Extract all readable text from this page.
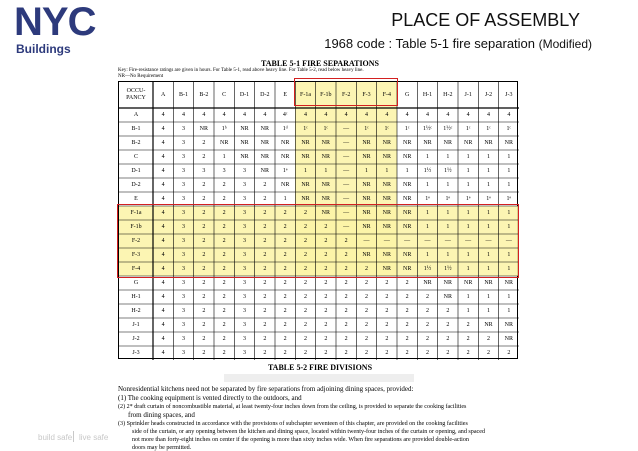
NYC
Buildings
PLACE OF ASSEMBLY
1968 code : Table 5-1 fire separation (Modified)
TABLE 5-1 FIRE SEPARATIONS
Key: Fire-resistance ratings are given in hours. For Table 5-1, read above heavy line. For Table 5-2, read below heavy line.
NR—No Requirement
OCCU- PANCY	A	B-1	B-2	C	D-1	D-2	E	F-1a	F-1b	F-2	F-3	F-4	G	H-1	H-2	J-1	J-2	J-3
A	4	4	4	4	4	4	4ᶜ	4	4	4	4	4	4	4	4	4	4	4
B-1	4	3	NR	1ᵇ	NR	NR	1ᵈ	1ᶜ	1ᶜ	—	1ᶜ	1ᶜ	1ᶜ	1½ᶜ	1½ᶜ	1ᶜ	1ᶜ	1ᶜ
B-2	4	3	2	NR	NR	NR	NR	NR	NR	—	NR	NR	NR	NR	NR	NR	NR	NR
C	4	3	2	1	NR	NR	NR	NR	NR	—	NR	NR	NR	1	1	1	1	1
D-1	4	3	3	3	3	NR	1ᵉ	1	1	—	1	1	1	1½	1½	1	1	1
D-2	4	3	2	2	3	2	NR	NR	NR	—	NR	NR	NR	1	1	1	1	1
E	4	3	2	2	3	2	1	NR	NR	—	NR	NR	NR	1ᵉ	1ᵉ	1ᵉ	1ᵉ	1ᵉ
F-1a	4	3	2	2	3	2	2	2	NR	—	NR	NR	NR	1	1	1	1	1
F-1b	4	3	2	2	3	2	2	2	2	—	NR	NR	NR	1	1	1	1	1
F-2	4	3	2	2	3	2	2	2	2	2	—	—	—	—	—	—	—	—
F-3	4	3	2	2	3	2	2	2	2	2	NR	NR	NR	1	1	1	1	1
F-4	4	3	2	2	3	2	2	2	2	2	2	NR	NR	1½	1½	1	1	1
G	4	3	2	2	3	2	2	2	2	2	2	2	2	NR	NR	NR	NR	NR
H-1	4	3	2	2	3	2	2	2	2	2	2	2	2	2	NR	1	1	1
H-2	4	3	2	2	3	2	2	2	2	2	2	2	2	2	2	1	1	1
J-1	4	3	2	2	3	2	2	2	2	2	2	2	2	2	2	2	NR	NR
J-2	4	3	2	2	3	2	2	2	2	2	2	2	2	2	2	2	2	NR
J-3	4	3	2	2	3	2	2	2	2	2	2	2	2	2	2	2	2	2
TABLE 5-2 FIRE DIVISIONS
Nonresidential kitchens need not be separated by fire separations from adjoining dining spaces, provided:
(1) The cooking equipment is vented directly to the outdoors, and
(2) 2* draft curtain of noncombustible material, at least twenty-four inches down from the ceiling, is provided to separate the cooking facilities
from dining spaces, and
(3) Sprinkler heads constructed in accordance with the provisions of subchapter seventeen of this chapter, are provided on the cooking facilities
side of the curtain, or any opening between the kitchen and dining space, located within twenty-four inches of the curtain or opening, and spaced
not more than forty-eight inches on center if the opening is more than sixty inches wide. When fire separations are provided double-action
doors may be permitted.
build safe live safe
